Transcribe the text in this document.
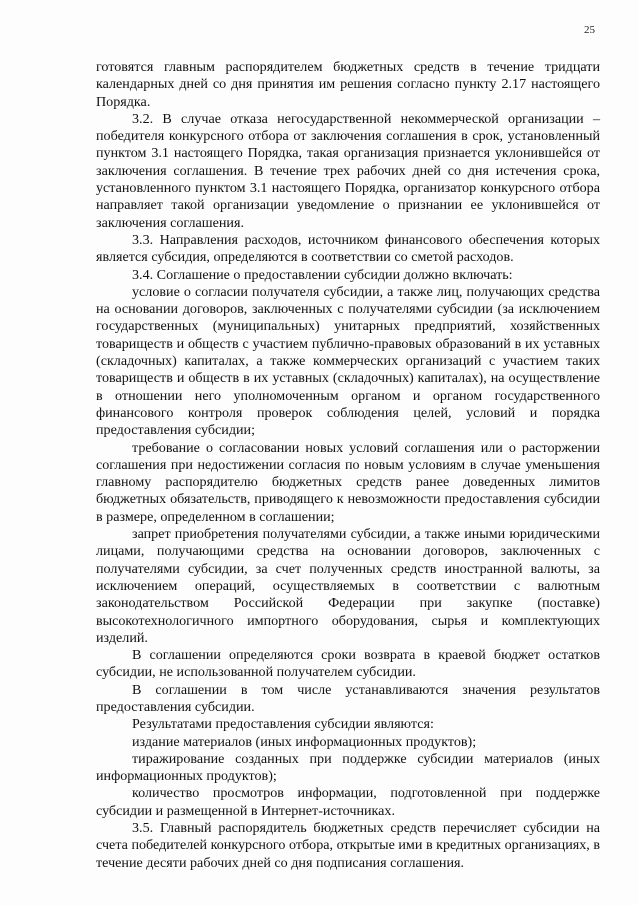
25

готовятся главным распорядителем бюджетных средств в течение тридцати календарных дней со дня принятия им решения согласно пункту 2.17 настоящего Порядка.

3.2. В случае отказа негосударственной некоммерческой организации – победителя конкурсного отбора от заключения соглашения в срок, установленный пунктом 3.1 настоящего Порядка, такая организация признается уклонившейся от заключения соглашения. В течение трех рабочих дней со дня истечения срока, установленного пунктом 3.1 настоящего Порядка, организатор конкурсного отбора направляет такой организации уведомление о признании ее уклонившейся от заключения соглашения.

3.3. Направления расходов, источником финансового обеспечения которых является субсидия, определяются в соответствии со сметой расходов.

3.4. Соглашение о предоставлении субсидии должно включать:

условие о согласии получателя субсидии, а также лиц, получающих средства на основании договоров, заключенных с получателями субсидии (за исключением государственных (муниципальных) унитарных предприятий, хозяйственных товариществ и обществ с участием публично-правовых образований в их уставных (складочных) капиталах, а также коммерческих организаций с участием таких товариществ и обществ в их уставных (складочных) капиталах), на осуществление в отношении него уполномоченным органом и органом государственного финансового контроля проверок соблюдения целей, условий и порядка предоставления субсидии;

требование о согласовании новых условий соглашения или о расторжении соглашения при недостижении согласия по новым условиям в случае уменьшения главному распорядителю бюджетных средств ранее доведенных лимитов бюджетных обязательств, приводящего к невозможности предоставления субсидии в размере, определенном в соглашении;

запрет приобретения получателями субсидии, а также иными юридическими лицами, получающими средства на основании договоров, заключенных с получателями субсидии, за счет полученных средств иностранной валюты, за исключением операций, осуществляемых в соответствии с валютным законодательством Российской Федерации при закупке (поставке) высокотехнологичного импортного оборудования, сырья и комплектующих изделий.

В соглашении определяются сроки возврата в краевой бюджет остатков субсидии, не использованной получателем субсидии.

В соглашении в том числе устанавливаются значения результатов предоставления субсидии.

Результатами предоставления субсидии являются:

издание материалов (иных информационных продуктов);

тиражирование созданных при поддержке субсидии материалов (иных информационных продуктов);

количество просмотров информации, подготовленной при поддержке субсидии и размещенной в Интернет-источниках.

3.5. Главный распорядитель бюджетных средств перечисляет субсидии на счета победителей конкурсного отбора, открытые ими в кредитных организациях, в течение десяти рабочих дней со дня подписания соглашения.
